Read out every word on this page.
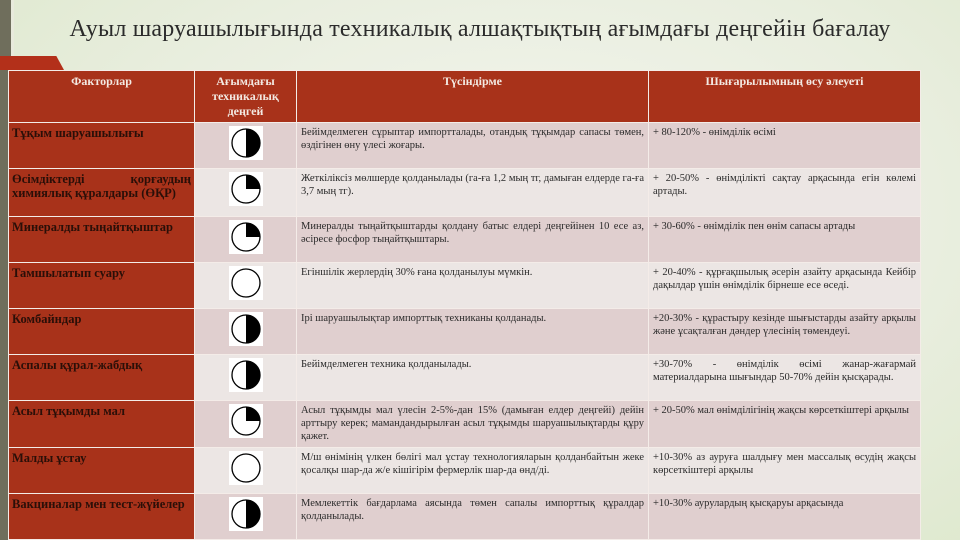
Ауыл шаруашылығында техникалық алшақтықтың ағымдағы деңгейін бағалау
Факторлар	Ағымдағы техникалық деңгей	Түсіндірме	Шығарылымның өсу әлеуеті
Тұқым шаруашылығы		Бейімделмеген сұрыптар импортталады, отандық тұқымдар сапасы төмен, өздігінен өну үлесі жоғары.	+ 80-120% - өнімділік өсімі
Өсімдіктерді қорғаудың химиялық құралдары (ӨҚР)		Жеткіліксіз мөлшерде қолданылады (га-ға 1,2 мың тг, дамыған елдерде га-ға 3,7 мың тг).	+ 20-50% - өнімділікті сақтау арқасында егін көлемі артады.
Минералды тыңайтқыштар		Минералды тыңайтқыштарды қолдану батыс елдері деңгейінен 10 есе аз, әсіресе фосфор тыңайтқыштары.	+ 30-60% - өнімділік пен өнім сапасы артады
Тамшылатып суару		Егіншілік жерлердің 30% ғана қолданылуы мүмкін.	+ 20-40% - құрғақшылық әсерін азайту арқасында Кейбір дақылдар үшін өнімділік бірнеше есе өседі.
Комбайндар		Ірі шаруашылықтар импорттық техниканы қолданады.	+20-30% - құрастыру кезінде шығыстарды азайту арқылы және ұсақталған дәндер үлесінің төмендеуі.
Аспалы құрал-жабдық		Бейімделмеген техника қолданылады.	+30-70% - өнімділік өсімі жанар-жағармай материалдарына шығындар 50-70% дейін қысқарады.
Асыл тұқымды мал		Асыл тұқымды мал үлесін 2-5%-дан 15% (дамыған елдер деңгейі) дейін арттыру керек; мамандандырылған асыл тұқымды шаруашылықтарды құру қажет.	+ 20-50% мал өнімділігінің жақсы көрсеткіштері арқылы
Малды ұстау		М/ш өнімінің үлкен бөлігі мал ұстау технологияларын қолданбайтын жеке қосалқы шар-да ж/е кішігірім фермерлік шар-да өнд/ді.	+10-30% аз ауруға шалдығу мен массалық өсудің жақсы көрсеткіштері арқылы
Вакциналар мен тест-жүйелер		Мемлекеттік бағдарлама аясында төмен сапалы импорттық құралдар қолданылады.	+10-30% аурулардың қысқаруы арқасында
